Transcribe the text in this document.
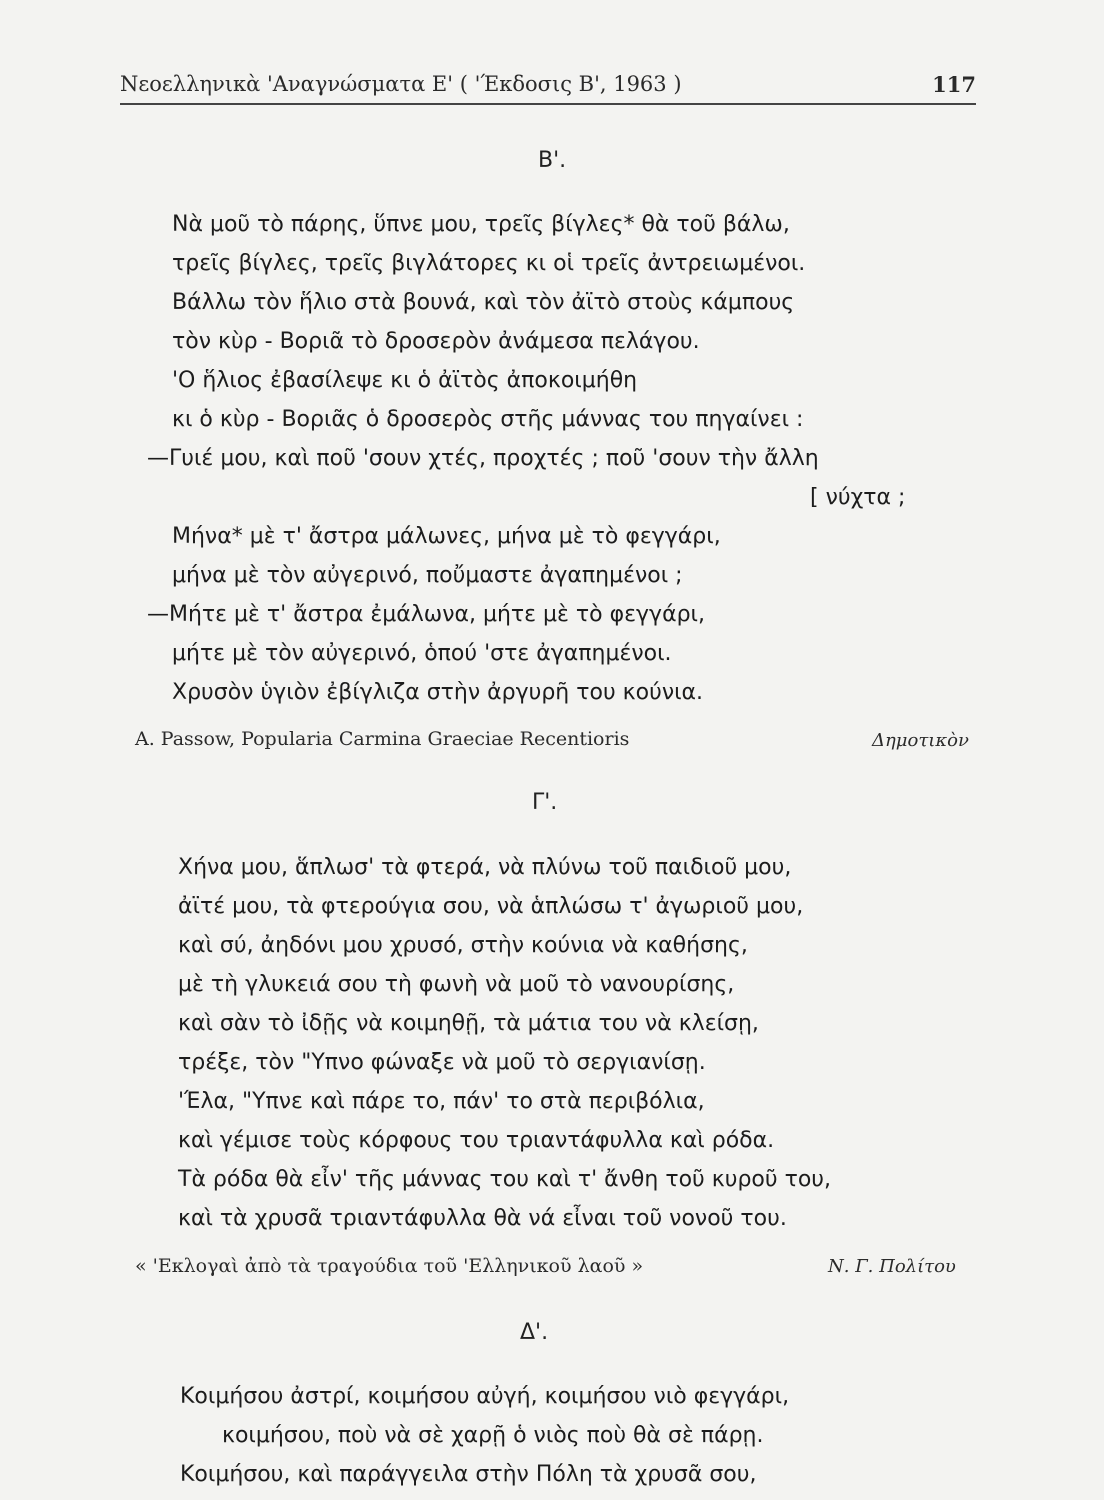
Νεοελληνικὰ 'Αναγνώσματα Ε' ( 'Έκδοσις Β', 1963 )	117
Β'.
Νὰ μοῦ τὸ πάρης, ὕπνε μου, τρεῖς βίγλες* θὰ τοῦ βάλω,
τρεῖς βίγλες, τρεῖς βιγλάτορες κι οἱ τρεῖς ἀντρειωμένοι.
Βάλλω τὸν ἥλιο στὰ βουνά, καὶ τὸν ἀϊτὸ στοὺς κάμπους
τὸν κὺρ - Βοριᾶ τὸ δροσερὸν ἀνάμεσα πελάγου.
'Ο ἥλιος ἐβασίλεψε κι ὁ ἀϊτὸς ἀποκοιμήθη
κι ὁ κὺρ - Βοριᾶς ὁ δροσερὸς στῆς μάννας του πηγαίνει :
—Γυιέ μου, καὶ ποῦ 'σουν χτές, προχτές ; ποῦ 'σουν τὴν ἄλλη
[ νύχτα ;
Μήνα* μὲ τ' ἄστρα μάλωνες, μήνα μὲ τὸ φεγγάρι,
μήνα μὲ τὸν αὐγερινό, ποὔμαστε ἀγαπημένοι ;
—Μήτε μὲ τ' ἄστρα ἐμάλωνα, μήτε μὲ τὸ φεγγάρι,
μήτε μὲ τὸν αὐγερινό, ὁπού 'στε ἀγαπημένοι.
Χρυσὸν ὑγιὸν ἐβίγλιζα στὴν ἀργυρῆ του κούνια.
A. Passow, Popularia Carmina Graeciae Recentioris	Δημοτικὸν
Γ'.
Χήνα μου, ἅπλωσ' τὰ φτερά, νὰ πλύνω τοῦ παιδιοῦ μου,
ἀϊτέ μου, τὰ φτερούγια σου, νὰ ἁπλώσω τ' ἀγωριοῦ μου,
καὶ σύ, ἀηδόνι μου χρυσό, στὴν κούνια νὰ καθήσης,
μὲ τὴ γλυκειά σου τὴ φωνὴ νὰ μοῦ τὸ νανουρίσης,
καὶ σὰν τὸ ἰδῇς νὰ κοιμηθῇ, τὰ μάτια του νὰ κλείσῃ,
τρέξε, τὸν "Υπνο φώναξε νὰ μοῦ τὸ σεργιανίσῃ.
'Έλα, "Υπνε καὶ πάρε το, πάν' το στὰ περιβόλια,
καὶ γέμισε τοὺς κόρφους του τριαντάφυλλα καὶ ρόδα.
Τὰ ρόδα θὰ εἶν' τῆς μάννας του καὶ τ' ἄνθη τοῦ κυροῦ του,
καὶ τὰ χρυσᾶ τριαντάφυλλα θὰ νά εἶναι τοῦ νονοῦ του.
« 'Εκλογαὶ ἀπὸ τὰ τραγούδια τοῦ 'Ελληνικοῦ λαοῦ »	Ν. Γ. Πολίτου
Δ'.
Κοιμήσου ἀστρί, κοιμήσου αὐγή, κοιμήσου νιὸ φεγγάρι,
κοιμήσου, ποὺ νὰ σὲ χαρῇ ὁ νιὸς ποὺ θὰ σὲ πάρῃ.
Κοιμήσου, καὶ παράγγειλα στὴν Πόλη τὰ χρυσᾶ σου,
